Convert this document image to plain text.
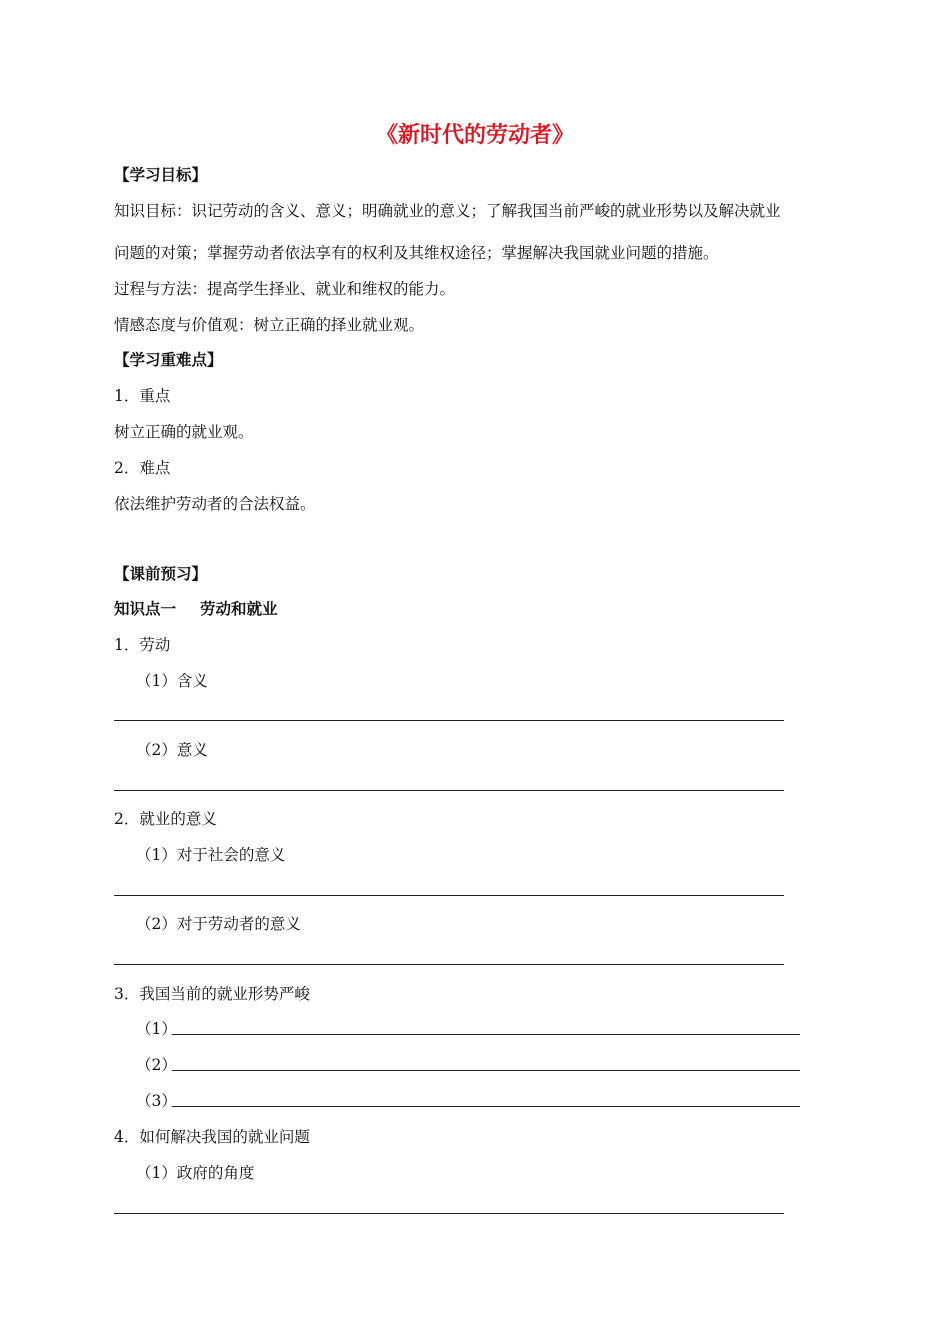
《新时代的劳动者》
【学习目标】
知识目标：识记劳动的含义、意义；明确就业的意义；了解我国当前严峻的就业形势以及解决就业
问题的对策；掌握劳动者依法享有的权利及其维权途径；掌握解决我国就业问题的措施。
过程与方法：提高学生择业、就业和维权的能力。
情感态度与价值观：树立正确的择业就业观。
【学习重难点】
1．重点
树立正确的就业观。
2．难点
依法维护劳动者的合法权益。
【课前预习】
知识点一 劳动和就业
1．劳动
（1）含义
（2）意义
2．就业的意义
（1）对于社会的意义
（2）对于劳动者的意义
3．我国当前的就业形势严峻
（1）
（2）
（3）
4．如何解决我国的就业问题
（1）政府的角度
